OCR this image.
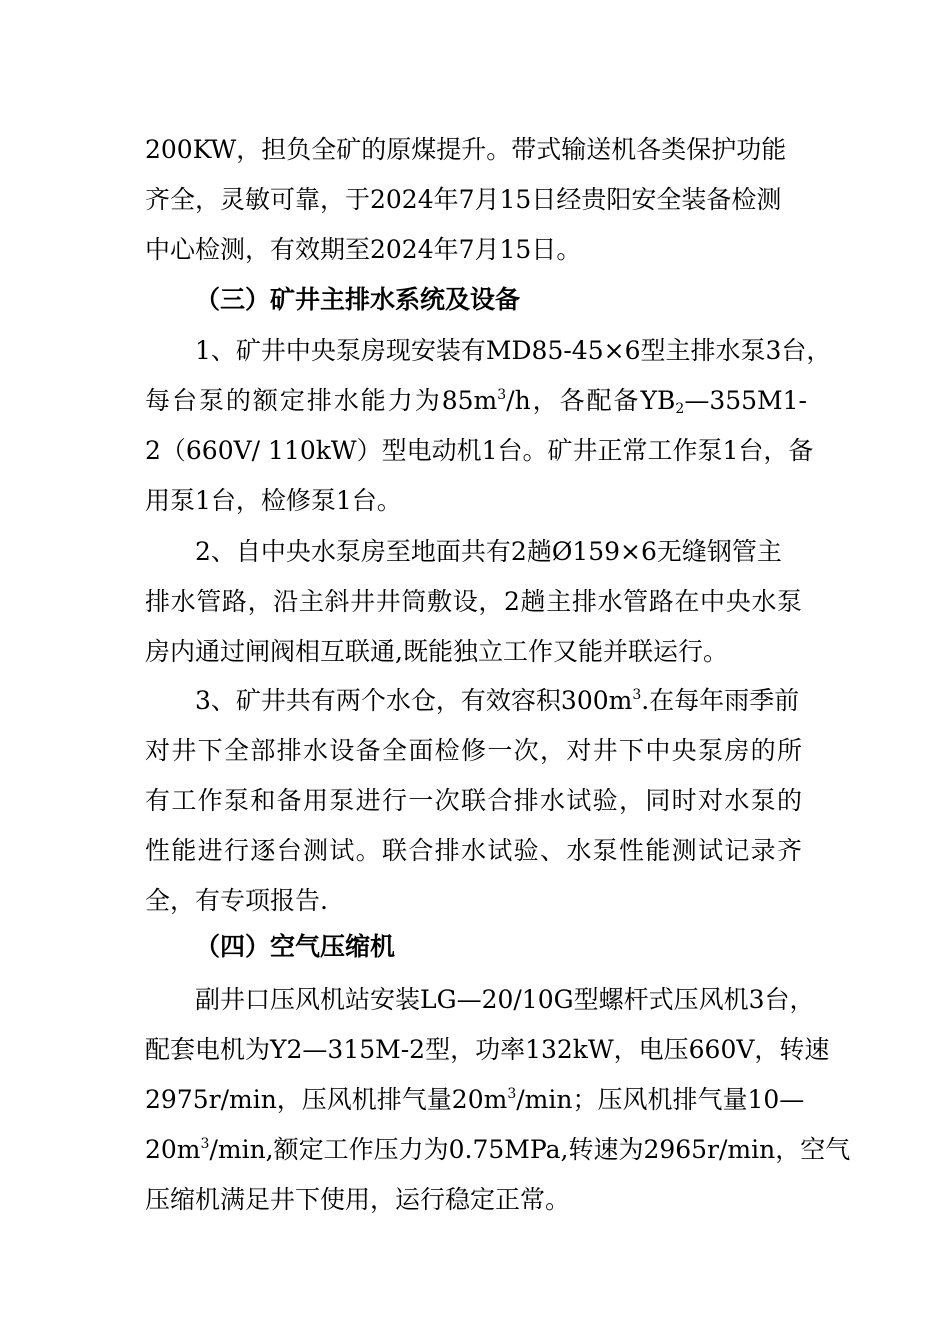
200KW，担负全矿的原煤提升。带式输送机各类保护功能
齐全，灵敏可靠，于2024年7月15日经贵阳安全装备检测
中心检测，有效期至2024年7月15日。
（三）矿井主排水系统及设备
1、矿井中央泵房现安装有MD85-45×6型主排水泵3台，
每台泵的额定排水能力为$85m^3/h$，各配备$YB_2—355M1-$
2（660V/ 110kW）型电动机1台。矿井正常工作泵1台，备
用泵1台，检修泵1台。
2、自中央水泵房至地面共有2趟Ø159×6无缝钢管主
排水管路，沿主斜井井筒敷设，2趟主排水管路在中央水泵
房内通过闸阀相互联通,既能独立工作又能并联运行。
3、矿井共有两个水仓，有效容积$300m^3$.在每年雨季前
对井下全部排水设备全面检修一次，对井下中央泵房的所
有工作泵和备用泵进行一次联合排水试验，同时对水泵的
性能进行逐台测试。联合排水试验、水泵性能测试记录齐
全，有专项报告.
（四）空气压缩机
副井口压风机站安装LG—20/10G型螺杆式压风机3台，
配套电机为Y2—315M-2型，功率132kW，电压660V，转速
2975r/min，压风机排气量$20m^3/\min$；压风机排气量10—
$20m^3/\min$,额定工作压力为0.75MPa,转速为2965r/min，空气
压缩机满足井下使用，运行稳定正常。
